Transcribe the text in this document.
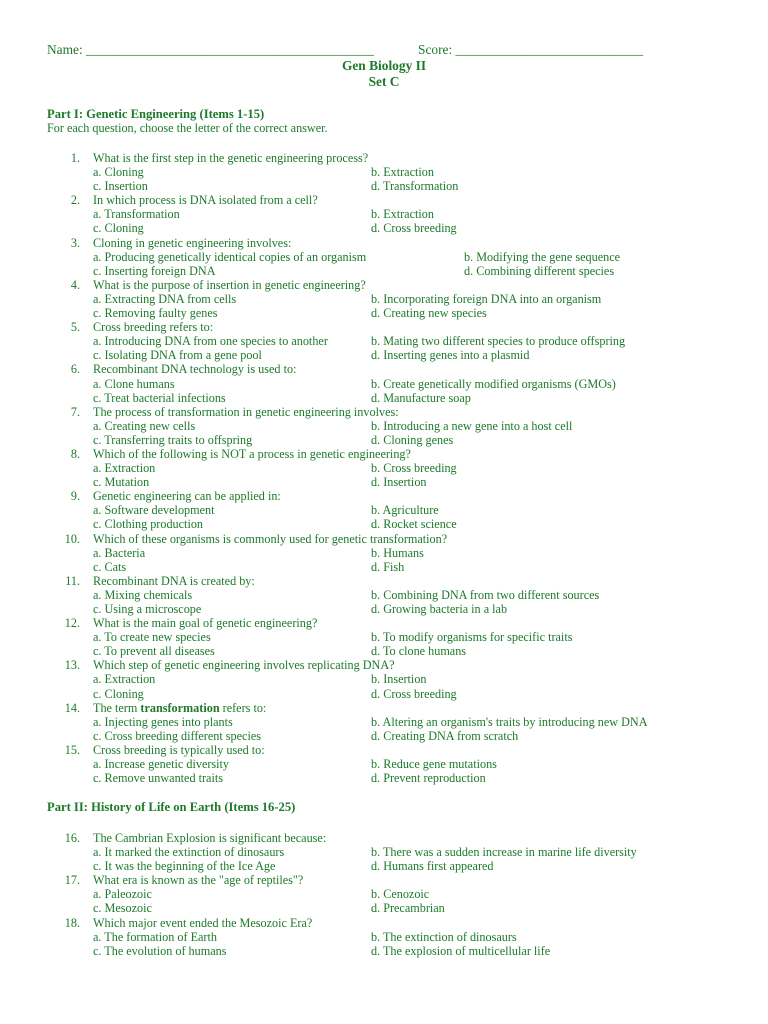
Name: ___________________________________________	Score: ____________________________
Gen Biology II
Set C
Part I: Genetic Engineering (Items 1-15)
For each question, choose the letter of the correct answer.
1. What is the first step in the genetic engineering process?
a. Cloning	b. Extraction
c. Insertion	d. Transformation
2. In which process is DNA isolated from a cell?
a. Transformation	b. Extraction
c. Cloning	d. Cross breeding
3. Cloning in genetic engineering involves:
a. Producing genetically identical copies of an organism	b. Modifying the gene sequence
c. Inserting foreign DNA	d. Combining different species
4. What is the purpose of insertion in genetic engineering?
a. Extracting DNA from cells	b. Incorporating foreign DNA into an organism
c. Removing faulty genes	d. Creating new species
5. Cross breeding refers to:
a. Introducing DNA from one species to another	b. Mating two different species to produce offspring
c. Isolating DNA from a gene pool	d. Inserting genes into a plasmid
6. Recombinant DNA technology is used to:
a. Clone humans	b. Create genetically modified organisms (GMOs)
c. Treat bacterial infections	d. Manufacture soap
7. The process of transformation in genetic engineering involves:
a. Creating new cells	b. Introducing a new gene into a host cell
c. Transferring traits to offspring	d. Cloning genes
8. Which of the following is NOT a process in genetic engineering?
a. Extraction	b. Cross breeding
c. Mutation	d. Insertion
9. Genetic engineering can be applied in:
a. Software development	b. Agriculture
c. Clothing production	d. Rocket science
10. Which of these organisms is commonly used for genetic transformation?
a. Bacteria	b. Humans
c. Cats	d. Fish
11. Recombinant DNA is created by:
a. Mixing chemicals	b. Combining DNA from two different sources
c. Using a microscope	d. Growing bacteria in a lab
12. What is the main goal of genetic engineering?
a. To create new species	b. To modify organisms for specific traits
c. To prevent all diseases	d. To clone humans
13. Which step of genetic engineering involves replicating DNA?
a. Extraction	b. Insertion
c. Cloning	d. Cross breeding
14. The term transformation refers to:
a. Injecting genes into plants	b. Altering an organism's traits by introducing new DNA
c. Cross breeding different species	d. Creating DNA from scratch
15. Cross breeding is typically used to:
a. Increase genetic diversity	b. Reduce gene mutations
c. Remove unwanted traits	d. Prevent reproduction
Part II: History of Life on Earth (Items 16-25)
16. The Cambrian Explosion is significant because:
a. It marked the extinction of dinosaurs	b. There was a sudden increase in marine life diversity
c. It was the beginning of the Ice Age	d. Humans first appeared
17. What era is known as the "age of reptiles"?
a. Paleozoic	b. Cenozoic
c. Mesozoic	d. Precambrian
18. Which major event ended the Mesozoic Era?
a. The formation of Earth	b. The extinction of dinosaurs
c. The evolution of humans	d. The explosion of multicellular life
